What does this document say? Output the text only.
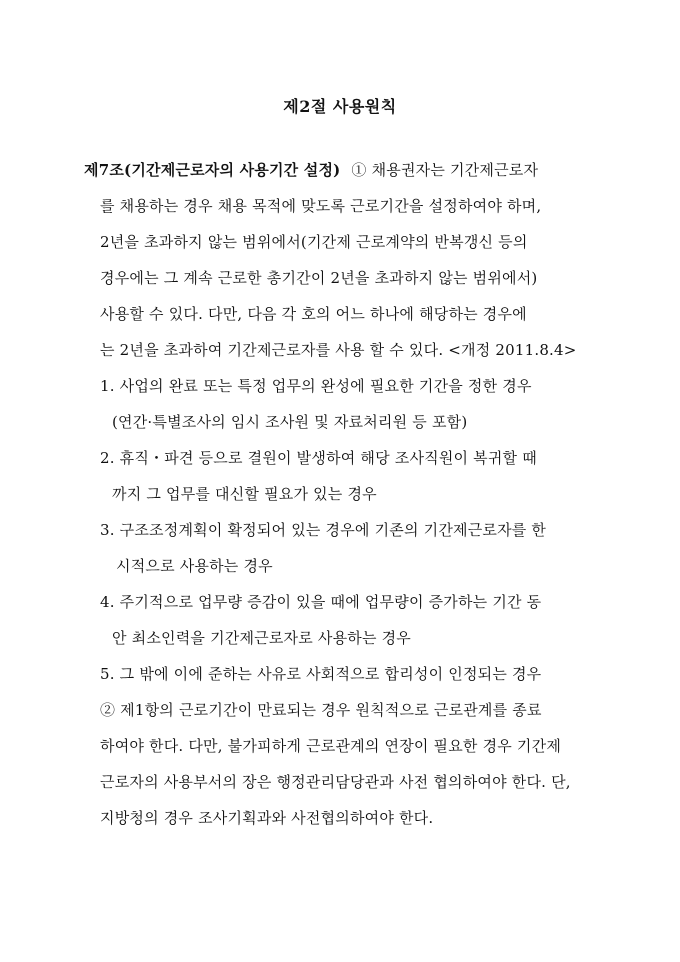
제2절 사용원칙
제7조(기간제근로자의 사용기간 설정) ① 채용권자는 기간제근로자
를 채용하는 경우 채용 목적에 맞도록 근로기간을 설정하여야 하며,
2년을 초과하지 않는 범위에서(기간제 근로계약의 반복갱신 등의
경우에는 그 계속 근로한 총기간이 2년을 초과하지 않는 범위에서)
사용할 수 있다. 다만, 다음 각 호의 어느 하나에 해당하는 경우에
는 2년을 초과하여 기간제근로자를 사용 할 수 있다. <개정 2011.8.4>
1. 사업의 완료 또는 특정 업무의 완성에 필요한 기간을 정한 경우
(연간·특별조사의 임시 조사원 및 자료처리원 등 포함)
2. 휴직・파견 등으로 결원이 발생하여 해당 조사직원이 복귀할 때
까지 그 업무를 대신할 필요가 있는 경우
3. 구조조정계획이 확정되어 있는 경우에 기존의 기간제근로자를 한
시적으로 사용하는 경우
4. 주기적으로 업무량 증감이 있을 때에 업무량이 증가하는 기간 동
안 최소인력을 기간제근로자로 사용하는 경우
5. 그 밖에 이에 준하는 사유로 사회적으로 합리성이 인정되는 경우
② 제1항의 근로기간이 만료되는 경우 원칙적으로 근로관계를 종료
하여야 한다. 다만, 불가피하게 근로관계의 연장이 필요한 경우 기간제
근로자의 사용부서의 장은 행정관리담당관과 사전 협의하여야 한다. 단,
지방청의 경우 조사기획과와 사전협의하여야 한다.
